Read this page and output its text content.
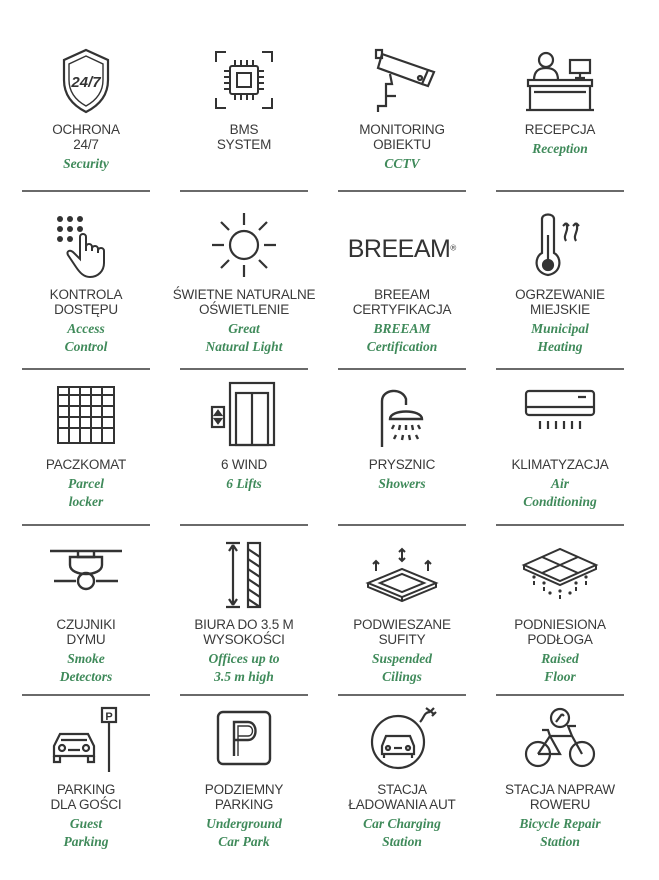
24/7
OCHRONA
24/7
Security
BMS
SYSTEM
MONITORING
OBIEKTU
CCTV
RECEPCJA
Reception
KONTROLA
DOSTĘPU
Access
Control
ŚWIETNE NATURALNE
OŚWIETLENIE
Great
Natural Light
BREEAM®
BREEAM
CERTYFIKACJA
BREEAM
Certification
OGRZEWANIE
MIEJSKIE
Municipal
Heating
PACZKOMAT
Parcel
locker
6 WIND
6 Lifts
PRYSZNIC
Showers
KLIMATYZACJA
Air
Conditioning
CZUJNIKI
DYMU
Smoke
Detectors
BIURA DO 3.5 M
WYSOKOŚCI
Offices up to
3.5 m high
PODWIESZANE
SUFITY
Suspended
Cilings
PODNIESIONA
PODŁOGA
Raised
Floor
P
PARKING
DLA GOŚCI
Guest
Parking
PODZIEMNY
PARKING
Underground
Car Park
STACJA
ŁADOWANIA AUT
Car Charging
Station
STACJA NAPRAW
ROWERU
Bicycle Repair
Station
